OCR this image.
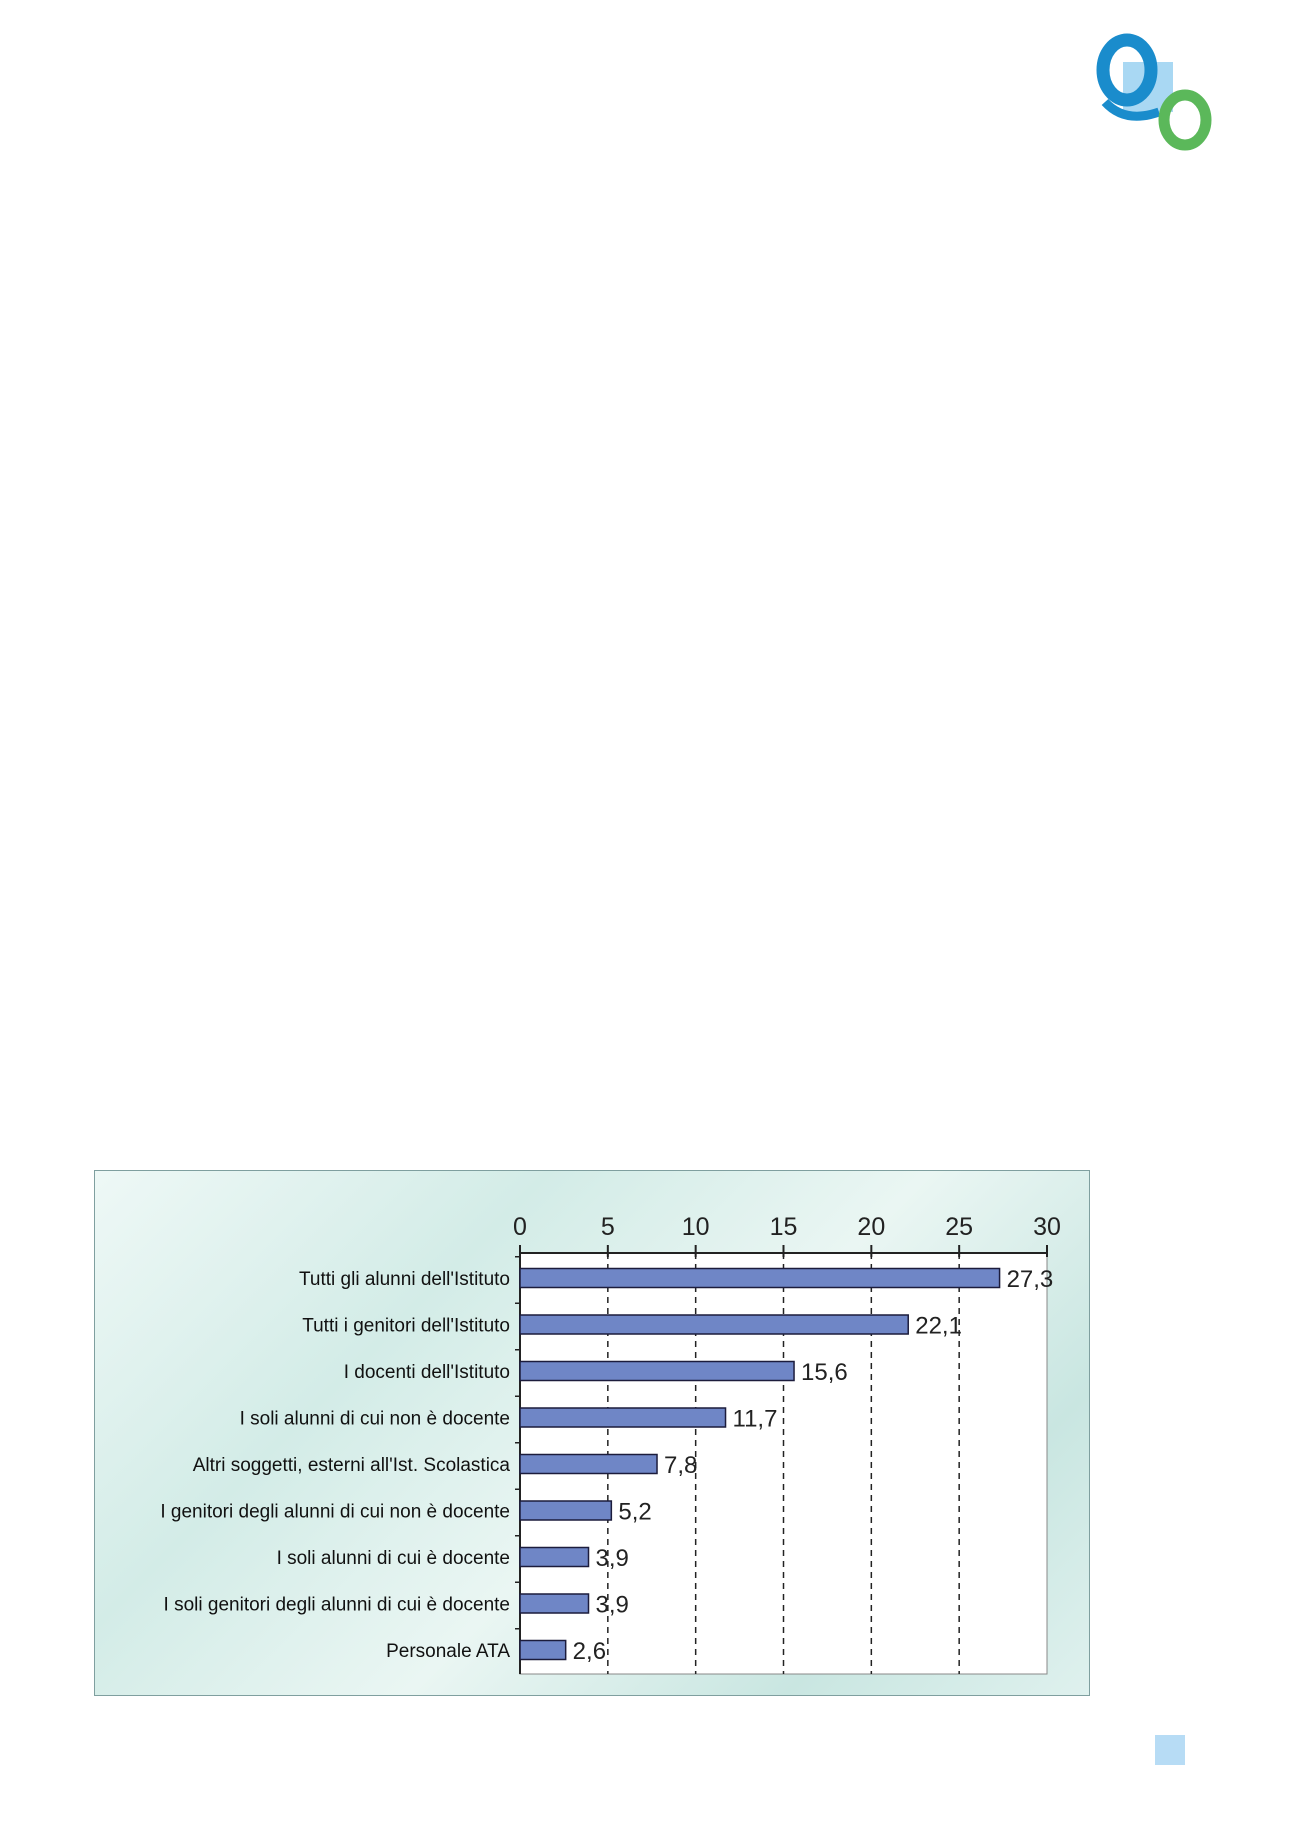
0	5	10 15 20 25 30
Tutti gli alunni dell'Istituto	27,3
Tutti i genitori dell'Istituto	22,1
I docenti dell'Istituto	15,6
I soli alunni di cui non è docente	11,7
Altri soggetti, esterni all'Ist. Scolastica	7,8
I genitori degli alunni di cui non è docente	5,2
I soli alunni di cui è docente	3,9
I soli genitori degli alunni di cui è docente	3,9
Personale ATA	2,6
